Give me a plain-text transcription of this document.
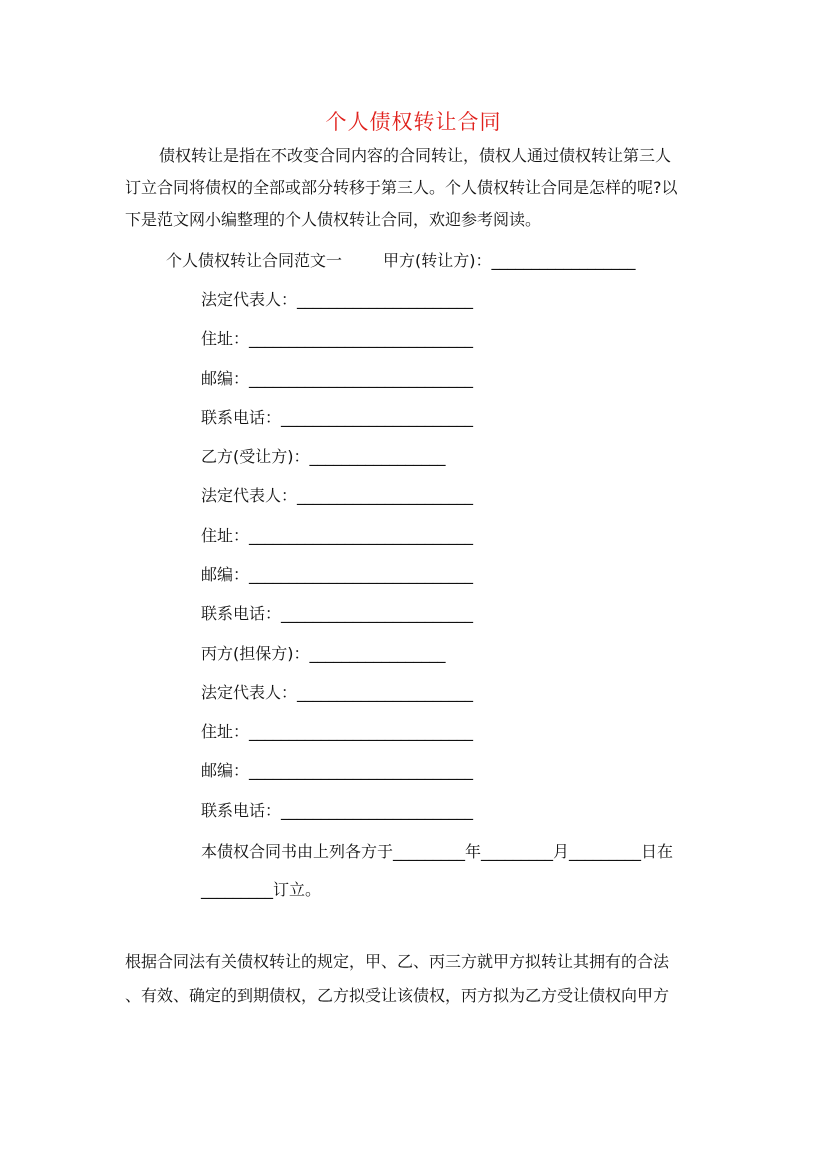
个人债权转让合同
债权转让是指在不改变合同内容的合同转让，债权人通过债权转让第三人
订立合同将债权的全部或部分转移于第三人。个人债权转让合同是怎样的呢?以
下是范文网小编整理的个人债权转让合同，欢迎参考阅读。
个人债权转让合同范文一	甲方(转让方)：__________________
法定代表人：______________________
住址：____________________________
邮编：____________________________
联系电话：________________________
乙方(受让方)：_________________
法定代表人：______________________
住址：____________________________
邮编：____________________________
联系电话：________________________
丙方(担保方)：_________________
法定代表人：______________________
住址：____________________________
邮编：____________________________
联系电话：________________________
本债权合同书由上列各方于_________年_________月_________日在
_________订立。
根据合同法有关债权转让的规定，甲、乙、丙三方就甲方拟转让其拥有的合法
、有效、确定的到期债权，乙方拟受让该债权，丙方拟为乙方受让债权向甲方
